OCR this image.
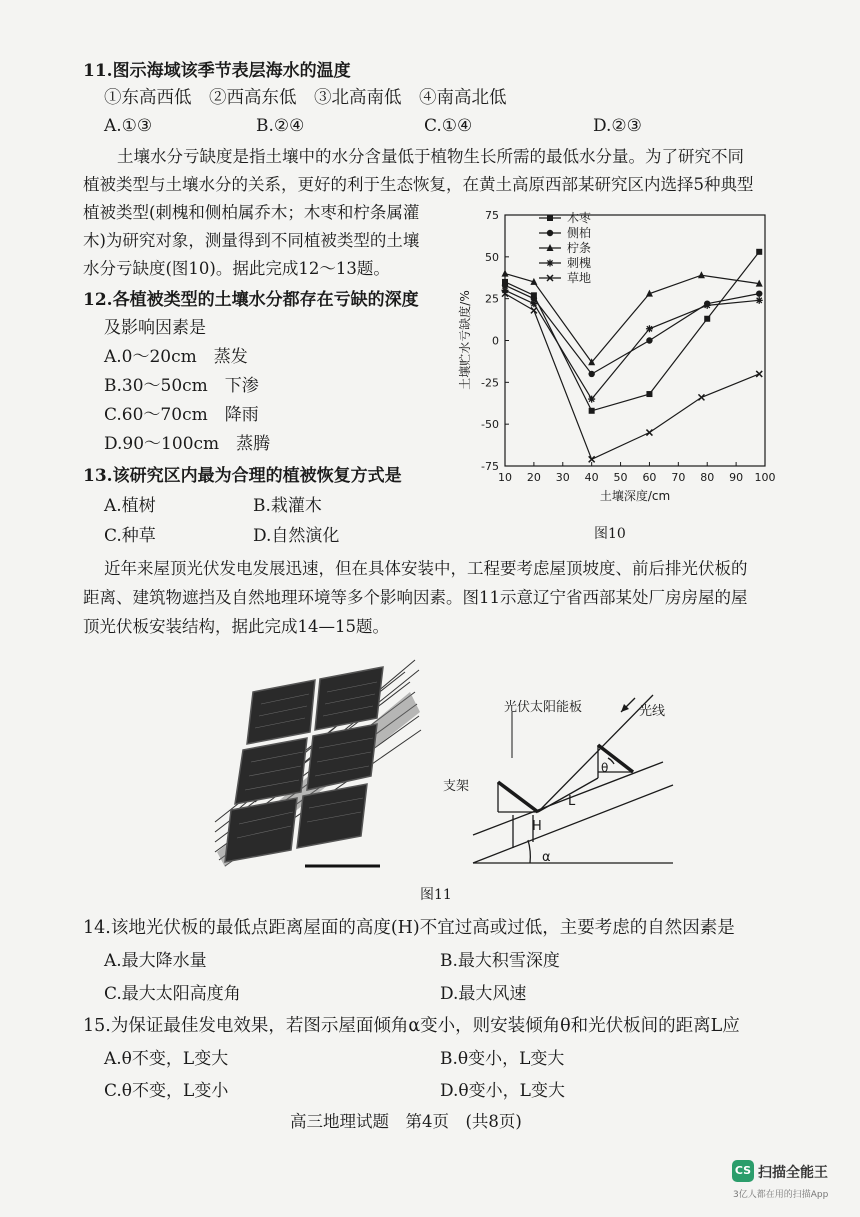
11.图示海域该季节表层海水的温度
①东高西低　②西高东低　③北高南低　④南高北低
A.①③	B.②④	C.①④	D.②③
土壤水分亏缺度是指土壤中的水分含量低于植物生长所需的最低水分量。为了研究不同
植被类型与土壤水分的关系，更好的利于生态恢复，在黄土高原西部某研究区内选择5种典型
植被类型(刺槐和侧柏属乔木；木枣和柠条属灌
木)为研究对象，测量得到不同植被类型的土壤
水分亏缺度(图10)。据此完成12～13题。
12.各植被类型的土壤水分都存在亏缺的深度
及影响因素是
A.0～20cm　蒸发
B.30～50cm　下渗
C.60～70cm　降雨
D.90～100cm　蒸腾
13.该研究区内最为合理的植被恢复方式是
A.植树	B.栽灌木
C.种草	D.自然演化
75
50
25
0
-25
-50
-75
10 20 30 40 50 60 70 80 90 100
木枣
侧柏
柠条
刺槐
草地
土壤深度/cm
土壤贮水亏缺度/%
图10
近年来屋顶光伏发电发展迅速，但在具体安装中，工程要考虑屋顶坡度、前后排光伏板的
距离、建筑物遮挡及自然地理环境等多个影响因素。图11示意辽宁省西部某处厂房房屋的屋
顶光伏板安装结构，据此完成14—15题。
H
L
α
θ
光伏太阳能板	光线
支架
图11
14.该地光伏板的最低点距离屋面的高度(H)不宜过高或过低，主要考虑的自然因素是
A.最大降水量	B.最大积雪深度
C.最大太阳高度角	D.最大风速
15.为保证最佳发电效果，若图示屋面倾角α变小，则安装倾角θ和光伏板间的距离L应
A.θ不变，L变大	B.θ变小，L变大
C.θ不变，L变小	D.θ变小，L变大
高三地理试题　第4页　(共8页)
CS 扫描全能王
3亿人都在用的扫描App
